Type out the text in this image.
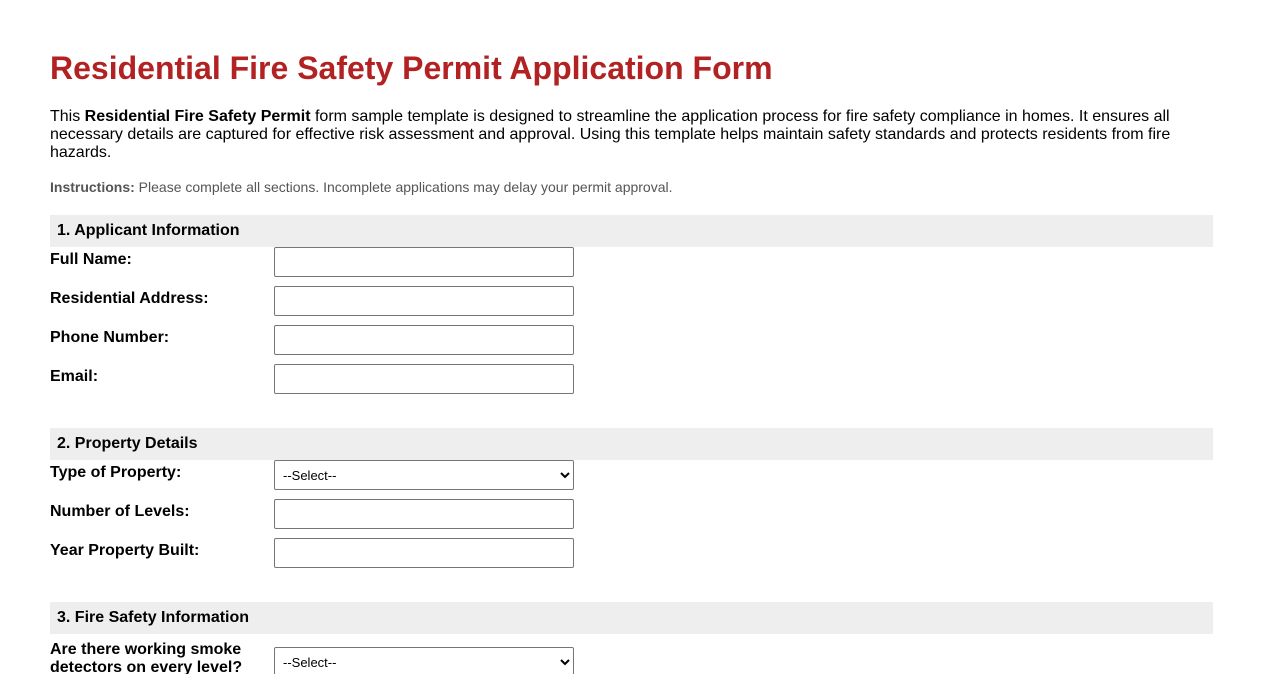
Residential Fire Safety Permit Application Form

This Residential Fire Safety Permit form sample template is designed to streamline the application process for fire safety compliance in homes. It ensures all necessary details are captured for effective risk assessment and approval. Using this template helps maintain safety standards and protects residents from fire hazards.

Instructions: Please complete all sections. Incomplete applications may delay your permit approval.

1. Applicant Information
Full Name:
Residential Address:
Phone Number:
Email:
2. Property Details
Type of Property:
--Select--
Number of Levels:
Year Property Built:
3. Fire Safety Information
Are there working smoke detectors on every level?
--Select--
